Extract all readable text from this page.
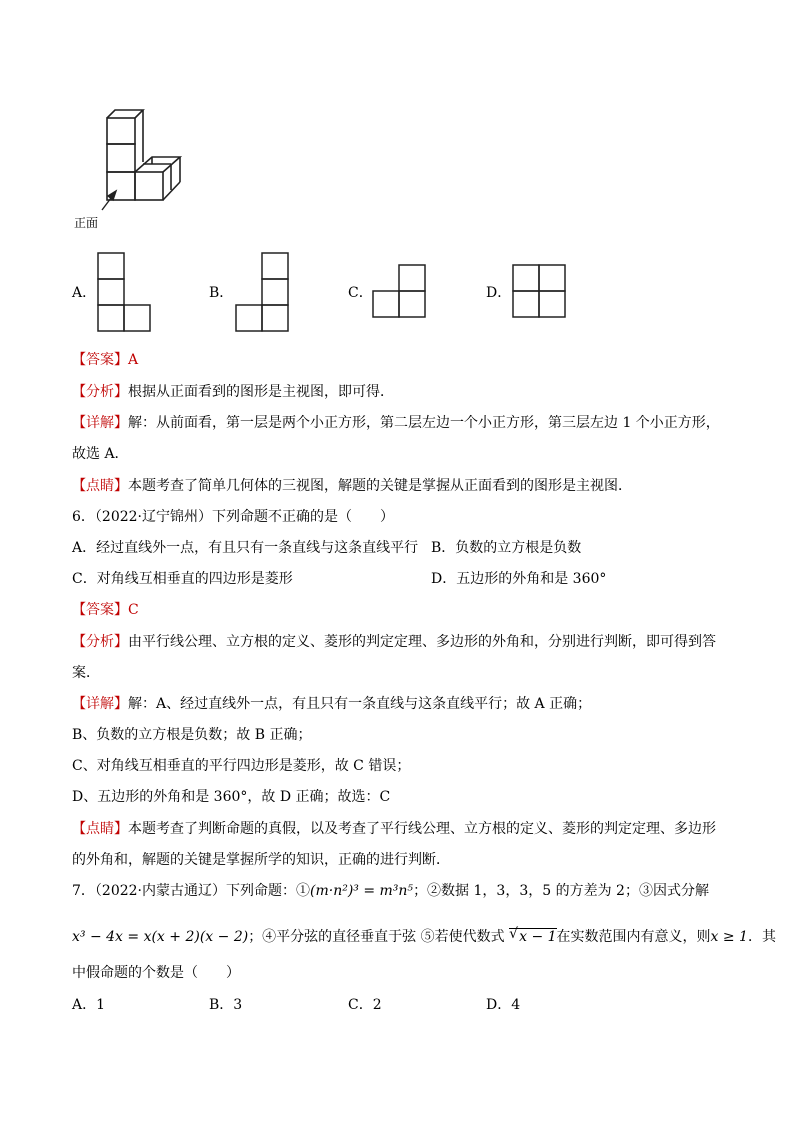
正面
A．	B．	C．	D．
【答案】A
【分析】根据从正面看到的图形是主视图，即可得．
【详解】解：从前面看，第一层是两个小正方形，第二层左边一个小正方形，第三层左边 1 个小正方形，
故选 A．
【点睛】本题考查了简单几何体的三视图，解题的关键是掌握从正面看到的图形是主视图．
6．（2022·辽宁锦州）下列命题不正确的是（　　）
A．经过直线外一点，有且只有一条直线与这条直线平行 B．负数的立方根是负数
C．对角线互相垂直的四边形是菱形	D．五边形的外角和是 360°
【答案】C
【分析】由平行线公理、立方根的定义、菱形的判定定理、多边形的外角和，分别进行判断，即可得到答
案．
【详解】解：A、经过直线外一点，有且只有一条直线与这条直线平行；故 A 正确；
B、负数的立方根是负数；故 B 正确；
C、对角线互相垂直的平行四边形是菱形，故 C 错误；
D、五边形的外角和是 360°，故 D 正确；故选：C
【点睛】本题考查了判断命题的真假，以及考查了平行线公理、立方根的定义、菱形的判定定理、多边形
的外角和，解题的关键是掌握所学的知识，正确的进行判断．
7．（2022·内蒙古通辽）下列命题：①(m·n²)³ = m³n⁵；②数据 1，3，3，5 的方差为 2；③因式分解
x³ − 4x = x(x + 2)(x − 2)；④平分弦的直径垂直于弦 ⑤若使代数式 √ x − 1在实数范围内有意义，则x ≥ 1．其
中假命题的个数是（　　）
A．1	B．3	C．2	D．4
